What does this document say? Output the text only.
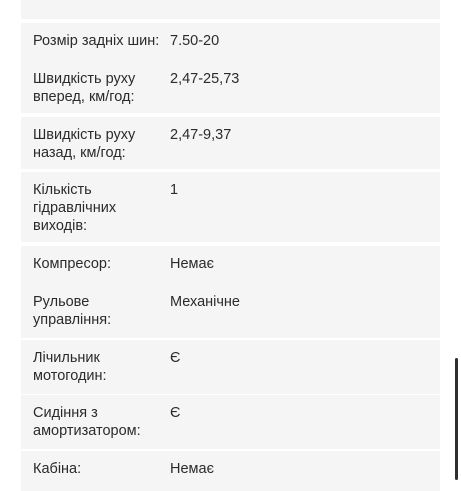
Розмір задніх шин: 7.50-20
Швидкість руху вперед, км/год:
2,47-25,73
Швидкість руху назад, км/год:
2,47-9,37
Кількість гідравлічних виходів:
1
Компресор:	Немає
Рульове управління:
Механічне
Лічильник мотогодин:
Є
Сидіння з амортизатором:
Є
Кабіна:	Немає
